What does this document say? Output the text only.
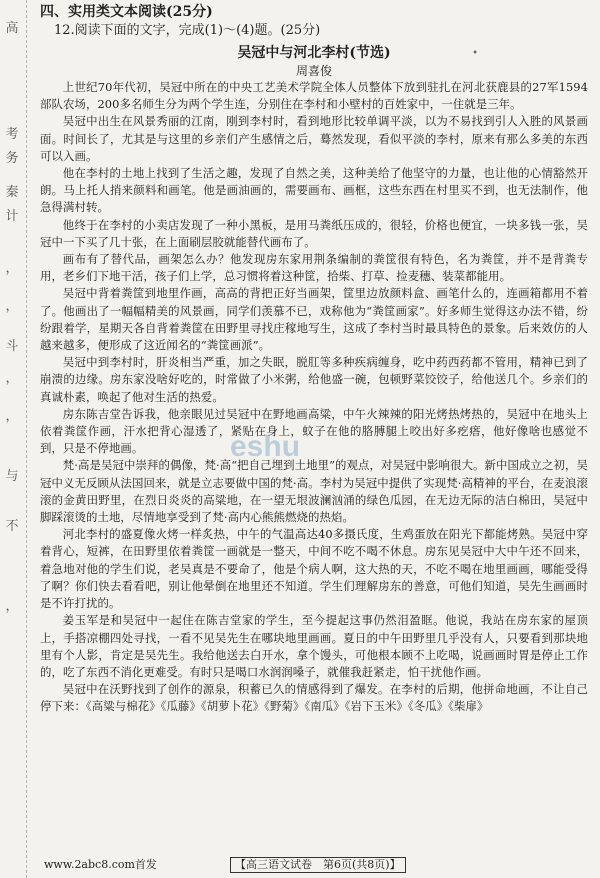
四、实用类文本阅读(25分)
12.阅读下面的文字，完成(1)～(4)题。(25分)
•
吴冠中与河北李村(节选)
周喜俊

上世纪70年代初，吴冠中所在的中央工艺美术学院全体人员整体下放到驻扎在河北获鹿县的27军1594部队农场，200多名师生分为两个学生连，分别住在李村和小壁村的百姓家中，一住就是三年。

吴冠中出生在风景秀丽的江南，刚到李村时，看到地形比较单调平淡，以为不易找到引人入胜的风景画面。时间长了，尤其是与这里的乡亲们产生感情之后，蓦然发现，看似平淡的李村，原来有那么多美的东西可以入画。

他在李村的土地上找到了生活之趣，发现了自然之美，这种美给了他坚守的力量，也让他的心情豁然开朗。马上托人捎来颜料和画笔。他是画油画的，需要画布、画框，这些东西在村里买不到，也无法制作，他急得满村转。

他终于在李村的小卖店发现了一种小黑板，是用马粪纸压成的，很轻，价格也便宜，一块多钱一张，吴冠中一下买了几十张，在上面刷层胶就能替代画布了。

画布有了替代品，画架怎么办？他发现房东家用荆条编制的粪筐很有特色，名为粪筐，并不是背粪专用，老乡们下地干活，孩子们上学，总习惯将着这种筐，拾柴、打草、捡麦穗、装菜都能用。

吴冠中背着粪筐到地里作画，高高的背把正好当画架，筐里边放颜料盒、画笔什么的，连画箱都用不着了。他画出了一幅幅精美的风景画，同学们羡慕不已，戏称他为“粪筐画家”。好多师生觉得这办法不错，纷纷跟着学，星期天各自背着粪筐在田野里寻找庄稼地写生，这成了李村当时最具特色的景象。后来效仿的人越来越多，便形成了这近闻名的“粪筐画派”。

吴冠中到李村时，肝炎相当严重，加之失眠，脱肛等多种疾病缠身，吃中药西药都不管用，精神已到了崩溃的边缘。房东家没啥好吃的，时常做了小米粥，给他盛一碗，包顿野菜饺饺子，给他送几个。乡亲们的真诚朴素，唤起了他对生活的热爱。

房东陈吉堂告诉我，他亲眼见过吴冠中在野地画高粱，中午火辣辣的阳光烤热烤热的，吴冠中在地头上依着粪筐作画，汗水把背心湿透了，紧贴在身上，蚊子在他的胳膊腿上咬出好多疙瘩，他好像啥也感觉不到，只是不停地画。

梵·高是吴冠中崇拜的偶像，梵·高“把自己埋到土地里”的观点，对吴冠中影响很大。新中国成立之初，吴冠中义无反顾从法国回来，就是立志要做中国的梵·高。李村为吴冠中提供了实现梵·高精神的平台，在麦浪滚滚的金黄田野里，在烈日炎炎的高粱地，在一望无垠波澜汹涌的绿色瓜园，在无边无际的洁白棉田，吴冠中脚踩滚烫的土地，尽情地享受到了梵·高内心熊熊燃烧的热焰。

河北李村的盛夏像火烤一样炙热，中午的气温高达40多摄氏度，生鸡蛋放在阳光下都能烤熟。吴冠中穿着背心，短裤，在田野里依着粪筐一画就是一整天，中间不吃不喝不休息。房东见吴冠中大中午还不回来，着急地对他的学生们说，老吴真是不要命了，他是个病人啊，这大热的天，不吃不喝在地里画画，哪能受得了啊？你们快去看看吧，别让他晕倒在地里还不知道。学生们理解房东的善意，可他们知道，吴先生画画时是不许打扰的。

姜玉军是和吴冠中一起住在陈吉堂家的学生，至今提起这事仍然泪盈眶。他说，我站在房东家的屋顶上，手搭凉棚四处寻找，一看不见吴先生在哪块地里画画。夏日的中午田野里几乎没有人，只要看到那块地里有个人影，肯定是吴先生。我给他送去白开水，拿个馒头，可他根本顾不上吃喝，说画画时胃是停止工作的，吃了东西不消化更难受。有时只是喝口水润润嗓子，就催我赶紧走，怕干扰他作画。

吴冠中在沃野找到了创作的源泉，积蓄已久的情感得到了爆发。在李村的后期，他拼命地画，不让自己停下来：《高粱与棉花》《瓜藤》《胡萝卜花》《野菊》《南瓜》《岩下玉米》《冬瓜》《柴扉》

eshu
www.2abc8.com首发	【高三语文试卷　第6页(共8页)】
高
考
务
秦
计
，
，
斗
，
，
与
不
，
